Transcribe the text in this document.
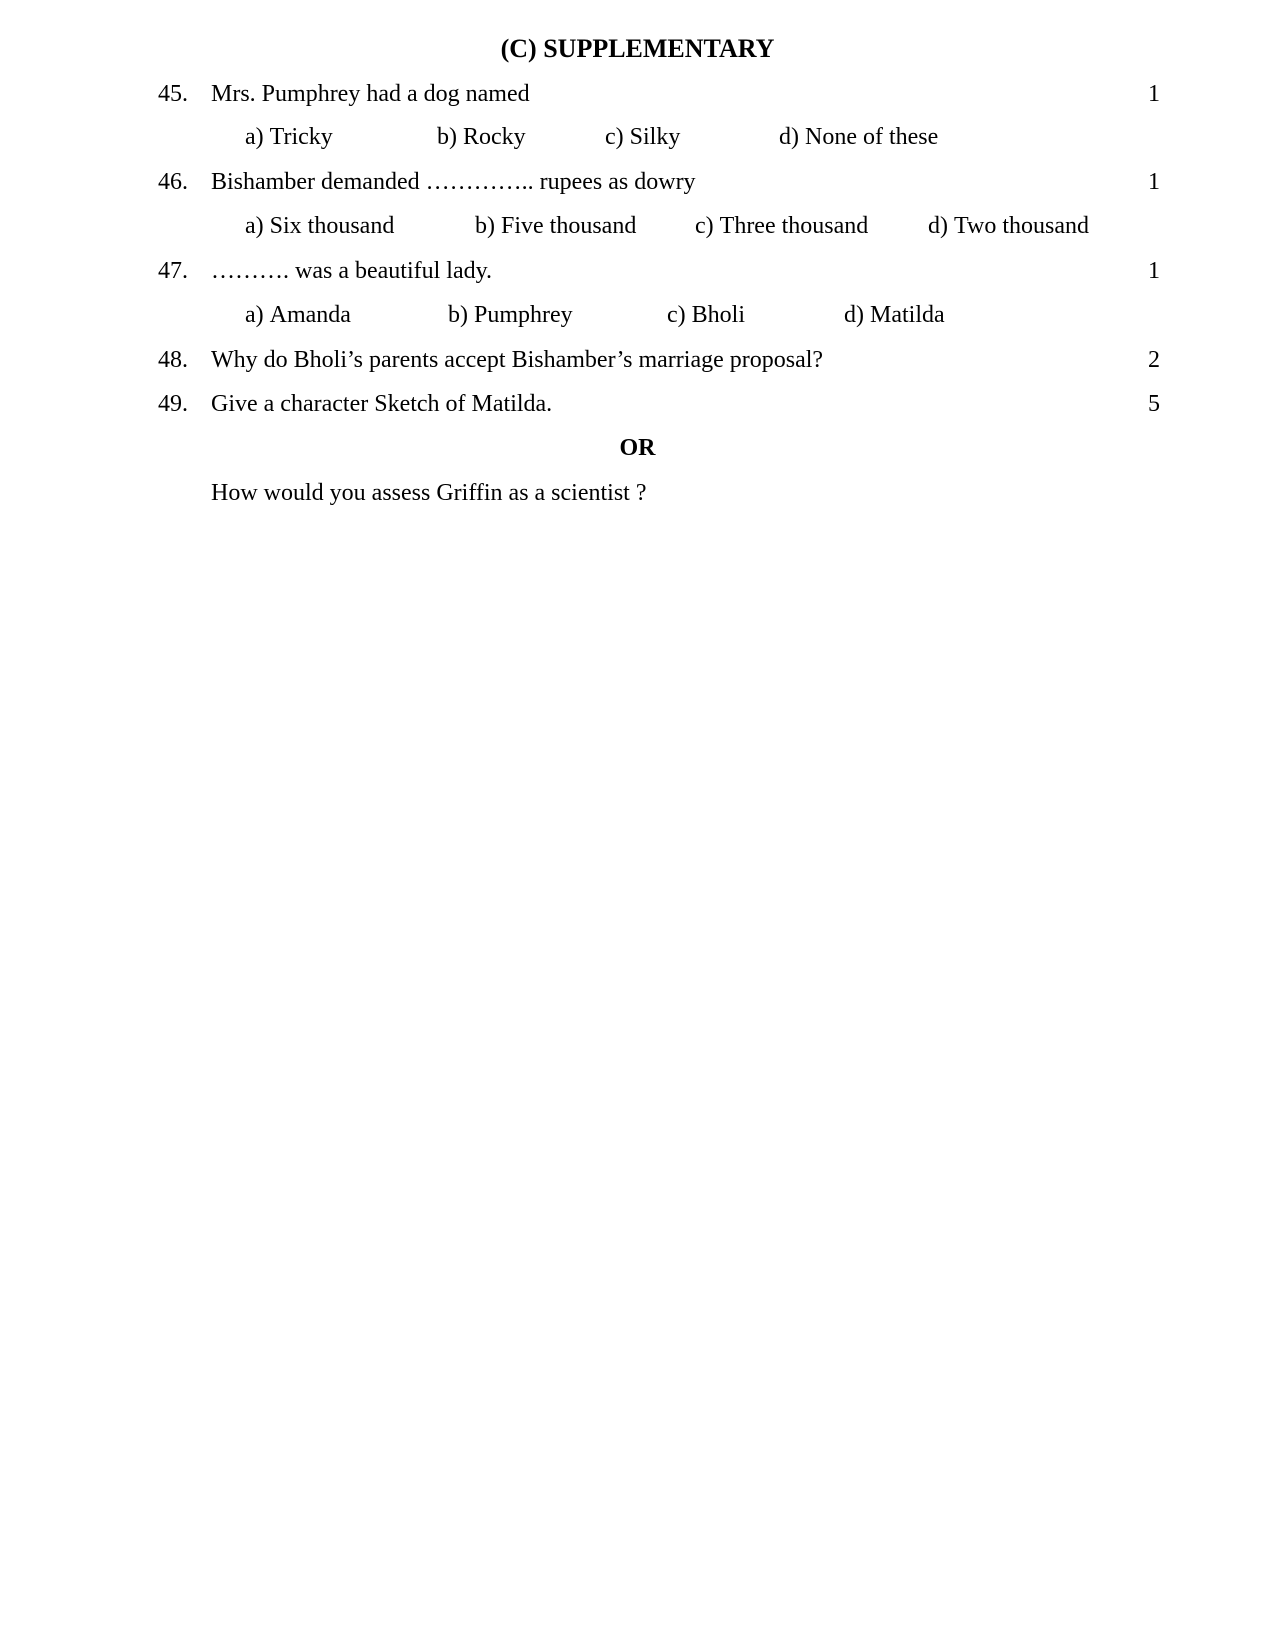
(C) SUPPLEMENTARY
45. Mrs. Pumphrey had a dog named	1
a) Tricky	b) Rocky	c) Silky	d) None of these
46. Bishamber demanded ………….. rupees as dowry	1
a) Six thousand	b) Five thousand c) Three thousand d) Two thousand
47. ………. was a beautiful lady.	1
a) Amanda	b) Pumphrey	c) Bholi	d) Matilda
48. Why do Bholi’s parents accept Bishamber’s marriage proposal?	2
49. Give a character Sketch of Matilda.	5
OR
How would you assess Griffin as a scientist ?
